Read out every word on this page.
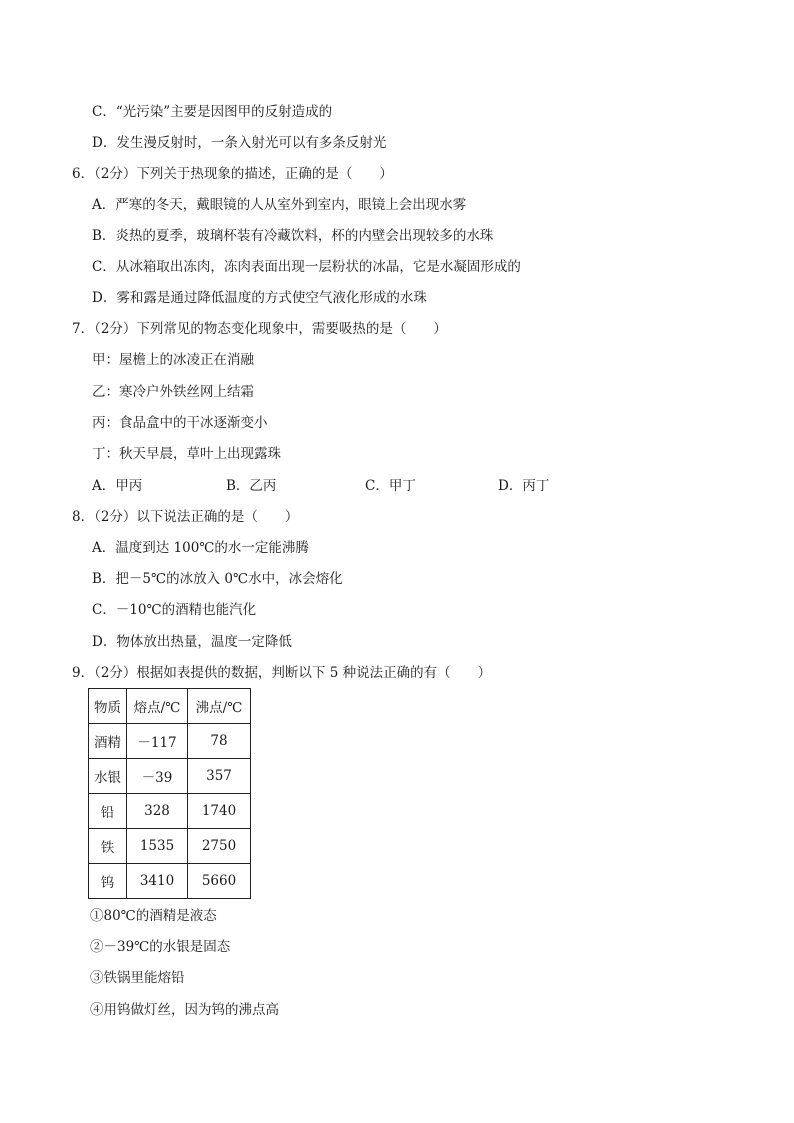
C．“光污染”主要是因图甲的反射造成的
D．发生漫反射时，一条入射光可以有多条反射光
6．（2分）下列关于热现象的描述，正确的是（　　）
A．严寒的冬天，戴眼镜的人从室外到室内，眼镜上会出现水雾
B．炎热的夏季，玻璃杯装有冷藏饮料，杯的内壁会出现较多的水珠
C．从冰箱取出冻肉，冻肉表面出现一层粉状的冰晶，它是水凝固形成的
D．雾和露是通过降低温度的方式使空气液化形成的水珠
7．（2分）下列常见的物态变化现象中，需要吸热的是（　　）
甲：屋檐上的冰凌正在消融
乙：寒冷户外铁丝网上结霜
丙：食品盒中的干冰逐渐变小
丁：秋天早晨，草叶上出现露珠
A．甲丙	B．乙丙	C．甲丁	D．丙丁
8．（2分）以下说法正确的是（　　）
A．温度到达 100℃的水一定能沸腾
B．把－5℃的冰放入 0℃水中，冰会熔化
C．－10℃的酒精也能汽化
D．物体放出热量，温度一定降低
9．（2分）根据如表提供的数据，判断以下 5 种说法正确的有（　　）
物质	熔点/℃	沸点/℃
酒精	－117	78
水银	－39	357
铅	328	1740
铁	1535	2750
钨	3410	5660
①80℃的酒精是液态
②－39℃的水银是固态
③铁锅里能熔铅
④用钨做灯丝，因为钨的沸点高
